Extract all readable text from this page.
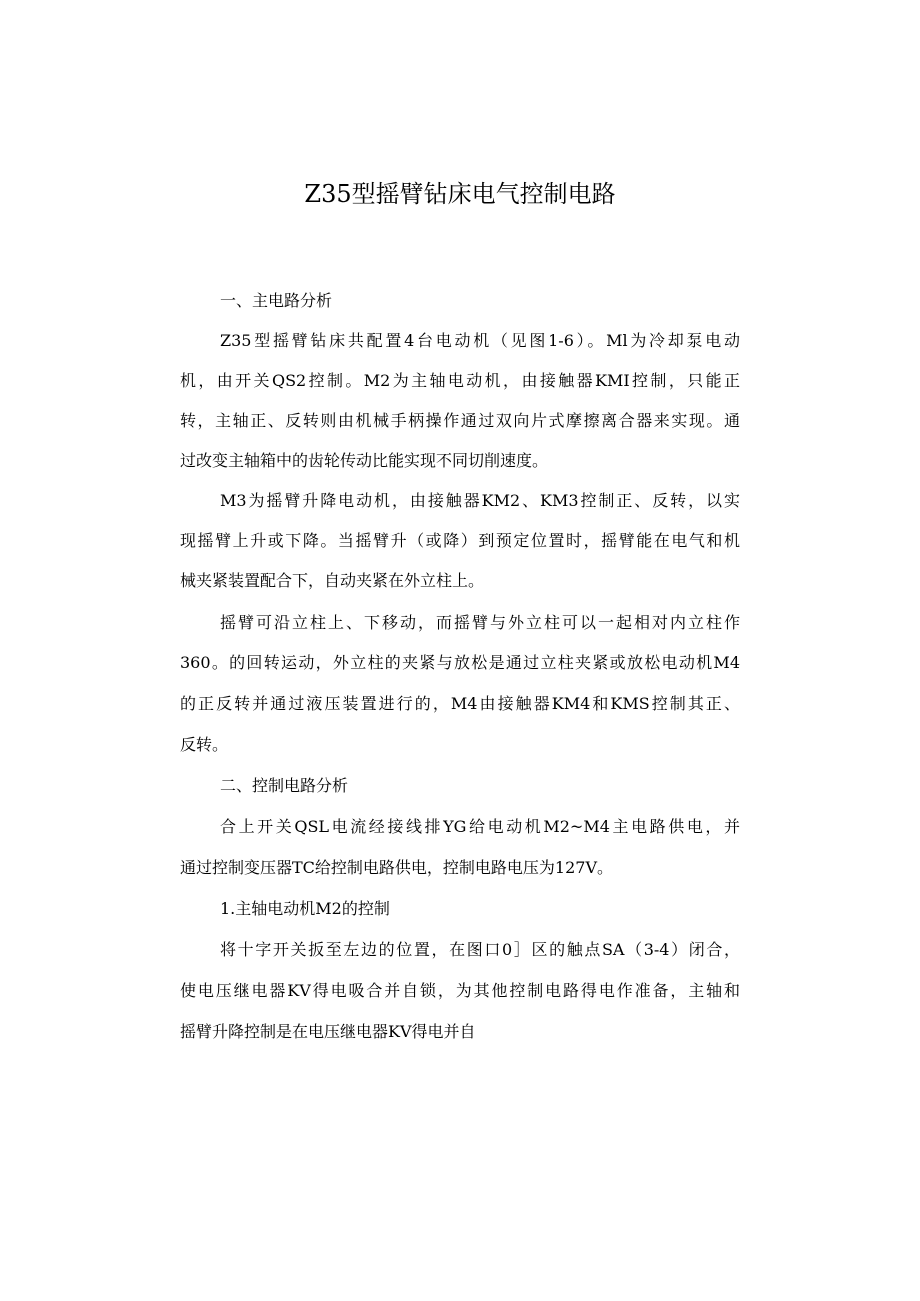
Z35型摇臂钻床电气控制电路
一、主电路分析
Z35型摇臂钻床共配置4台电动机（见图1-6）。Ml为冷却泵电动
机，由开关QS2控制。M2为主轴电动机，由接触器KMI控制，只能正
转，主轴正、反转则由机械手柄操作通过双向片式摩擦离合器来实现。通
过改变主轴箱中的齿轮传动比能实现不同切削速度。
M3为摇臂升降电动机，由接触器KM2、KM3控制正、反转，以实
现摇臂上升或下降。当摇臂升（或降）到预定位置时，摇臂能在电气和机
械夹紧装置配合下，自动夹紧在外立柱上。
摇臂可沿立柱上、下移动，而摇臂与外立柱可以一起相对内立柱作
360。的回转运动，外立柱的夹紧与放松是通过立柱夹紧或放松电动机M4
的正反转并通过液压装置进行的，M4由接触器KM4和KMS控制其正、
反转。
二、控制电路分析
合上开关QSL电流经接线排YG给电动机M2~M4主电路供电，并
通过控制变压器TC给控制电路供电，控制电路电压为127V。
1.主轴电动机M2的控制
将十字开关扳至左边的位置，在图口0］区的触点SA（3-4）闭合，
使电压继电器KV得电吸合并自锁，为其他控制电路得电作准备，主轴和
摇臂升降控制是在电压继电器KV得电并自
